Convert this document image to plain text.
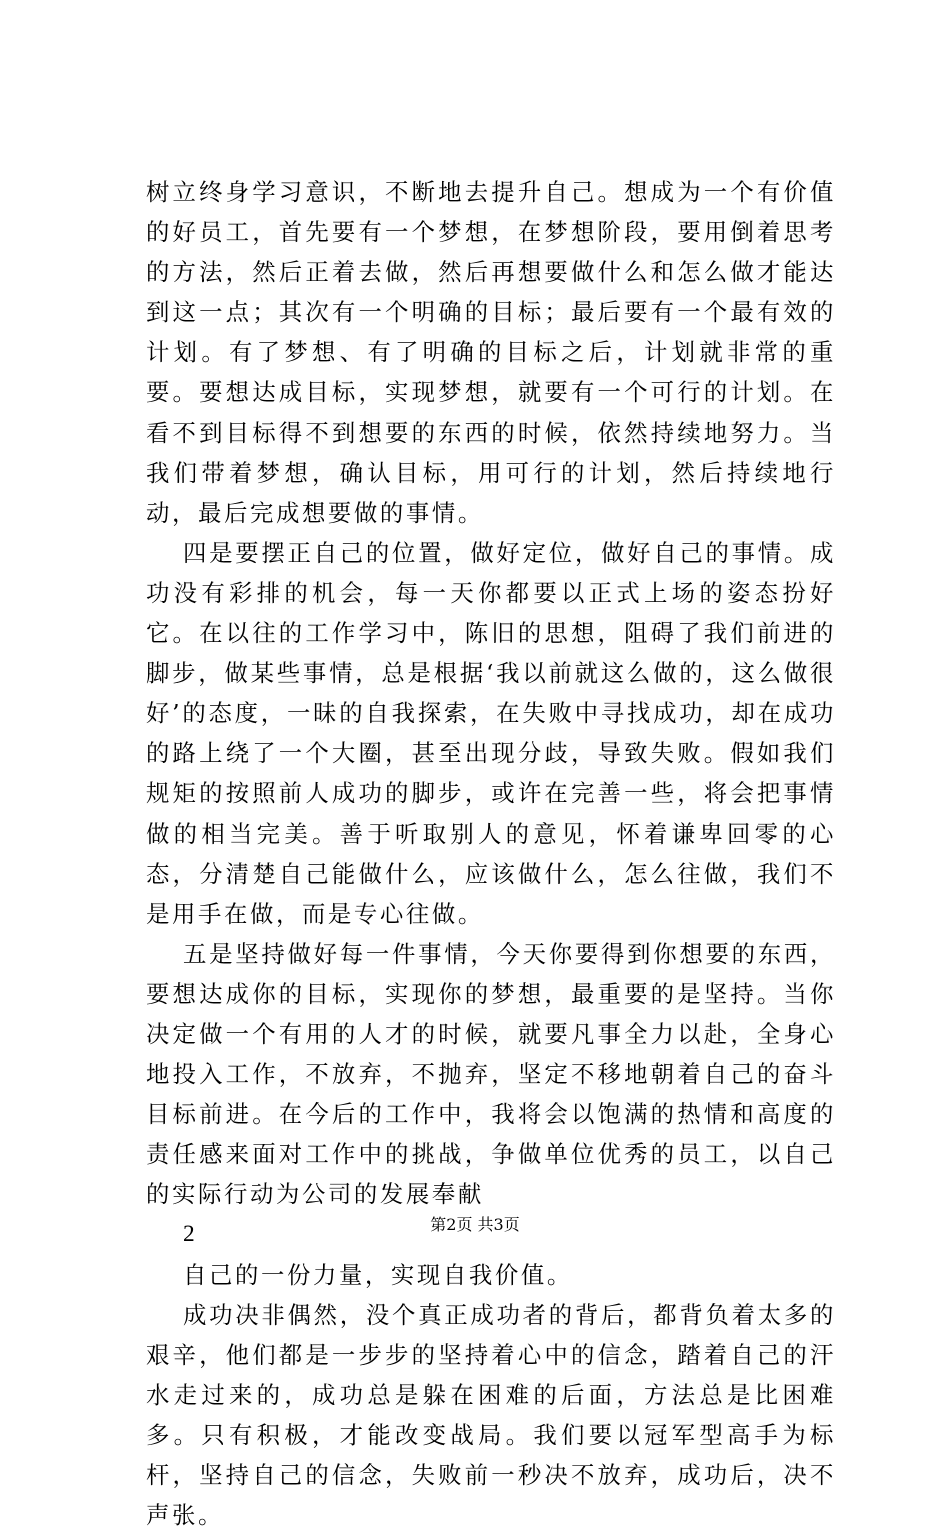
树立终身学习意识，不断地去提升自己。想成为一个有价值的好员工，首先要有一个梦想，在梦想阶段，要用倒着思考的方法，然后正着去做，然后再想要做什么和怎么做才能达到这一点；其次有一个明确的目标；最后要有一个最有效的计划。有了梦想、有了明确的目标之后，计划就非常的重要。要想达成目标，实现梦想，就要有一个可行的计划。在看不到目标得不到想要的东西的时候，依然持续地努力。当我们带着梦想，确认目标，用可行的计划，然后持续地行动，最后完成想要做的事情。

四是要摆正自己的位置，做好定位，做好自己的事情。成功没有彩排的机会，每一天你都要以正式上场的姿态扮好它。在以往的工作学习中，陈旧的思想，阻碍了我们前进的脚步，做某些事情，总是根据‘我以前就这么做的，这么做很好’的态度，一昧的自我探索，在失败中寻找成功，却在成功的路上绕了一个大圈，甚至出现分歧，导致失败。假如我们规矩的按照前人成功的脚步，或许在完善一些，将会把事情做的相当完美。善于听取别人的意见，怀着谦卑回零的心态，分清楚自己能做什么，应该做什么，怎么往做，我们不是用手在做，而是专心往做。

五是坚持做好每一件事情，今天你要得到你想要的东西，要想达成你的目标，实现你的梦想，最重要的是坚持。当你决定做一个有用的人才的时候，就要凡事全力以赴，全身心地投入工作，不放弃，不抛弃，坚定不移地朝着自己的奋斗目标前进。在今后的工作中，我将会以饱满的热情和高度的责任感来面对工作中的挑战，争做单位优秀的员工，以自己的实际行动为公司的发展奉献

2

自己的一份力量，实现自我价值。

成功决非偶然，没个真正成功者的背后，都背负着太多的艰辛，他们都是一步步的坚持着心中的信念，踏着自己的汗水走过来的，成功总是躲在困难的后面，方法总是比困难多。只有积极，才能改变战局。我们要以冠军型高手为标杆，坚持自己的信念，失败前一秒决不放弃，成功后，决不声张。

第2页 共3页
